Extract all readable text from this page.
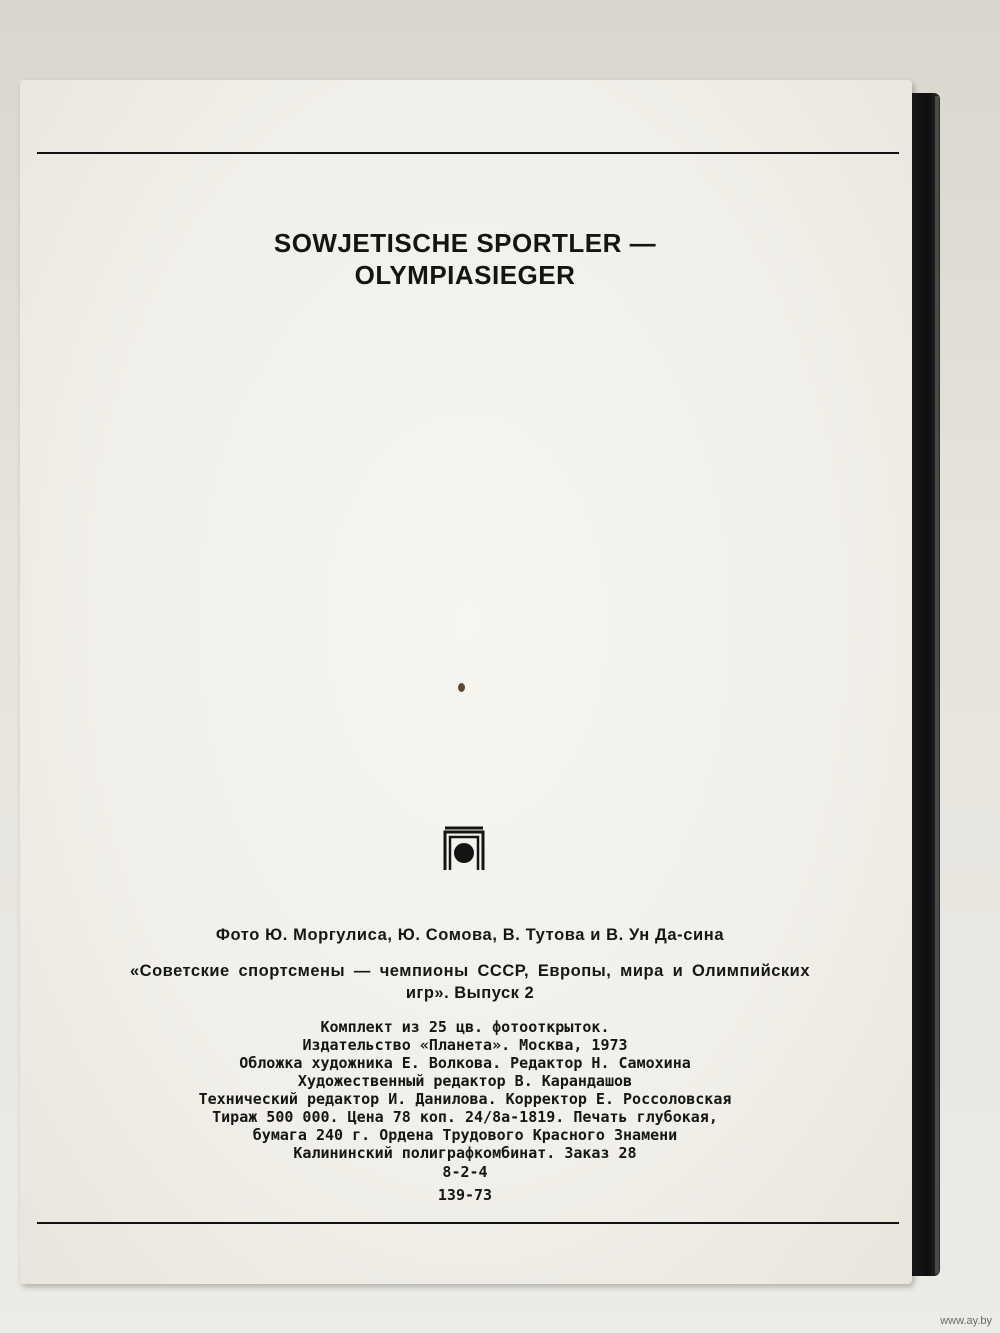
SOWJETISCHE SPORTLER —
OLYMPIASIEGER
Фото Ю. Моргулиса, Ю. Сомова, В. Тутова и В. Ун Да-сина
«Советские спортсмены — чемпионы СССР, Европы, мира и Олимпийских игр». Выпуск 2
Комплект из 25 цв. фотооткрыток.
Издательство «Планета». Москва, 1973
Обложка художника Е. Волкова. Редактор Н. Самохина
Художественный редактор В. Карандашов
Технический редактор И. Данилова. Корректор Е. Россоловская
Тираж 500 000. Цена 78 коп. 24/8а-1819. Печать глубокая,
бумага 240 г. Ордена Трудового Красного Знамени
Калининский полиграфкомбинат. Заказ 28
8-2-4
139-73
www.ay.by
